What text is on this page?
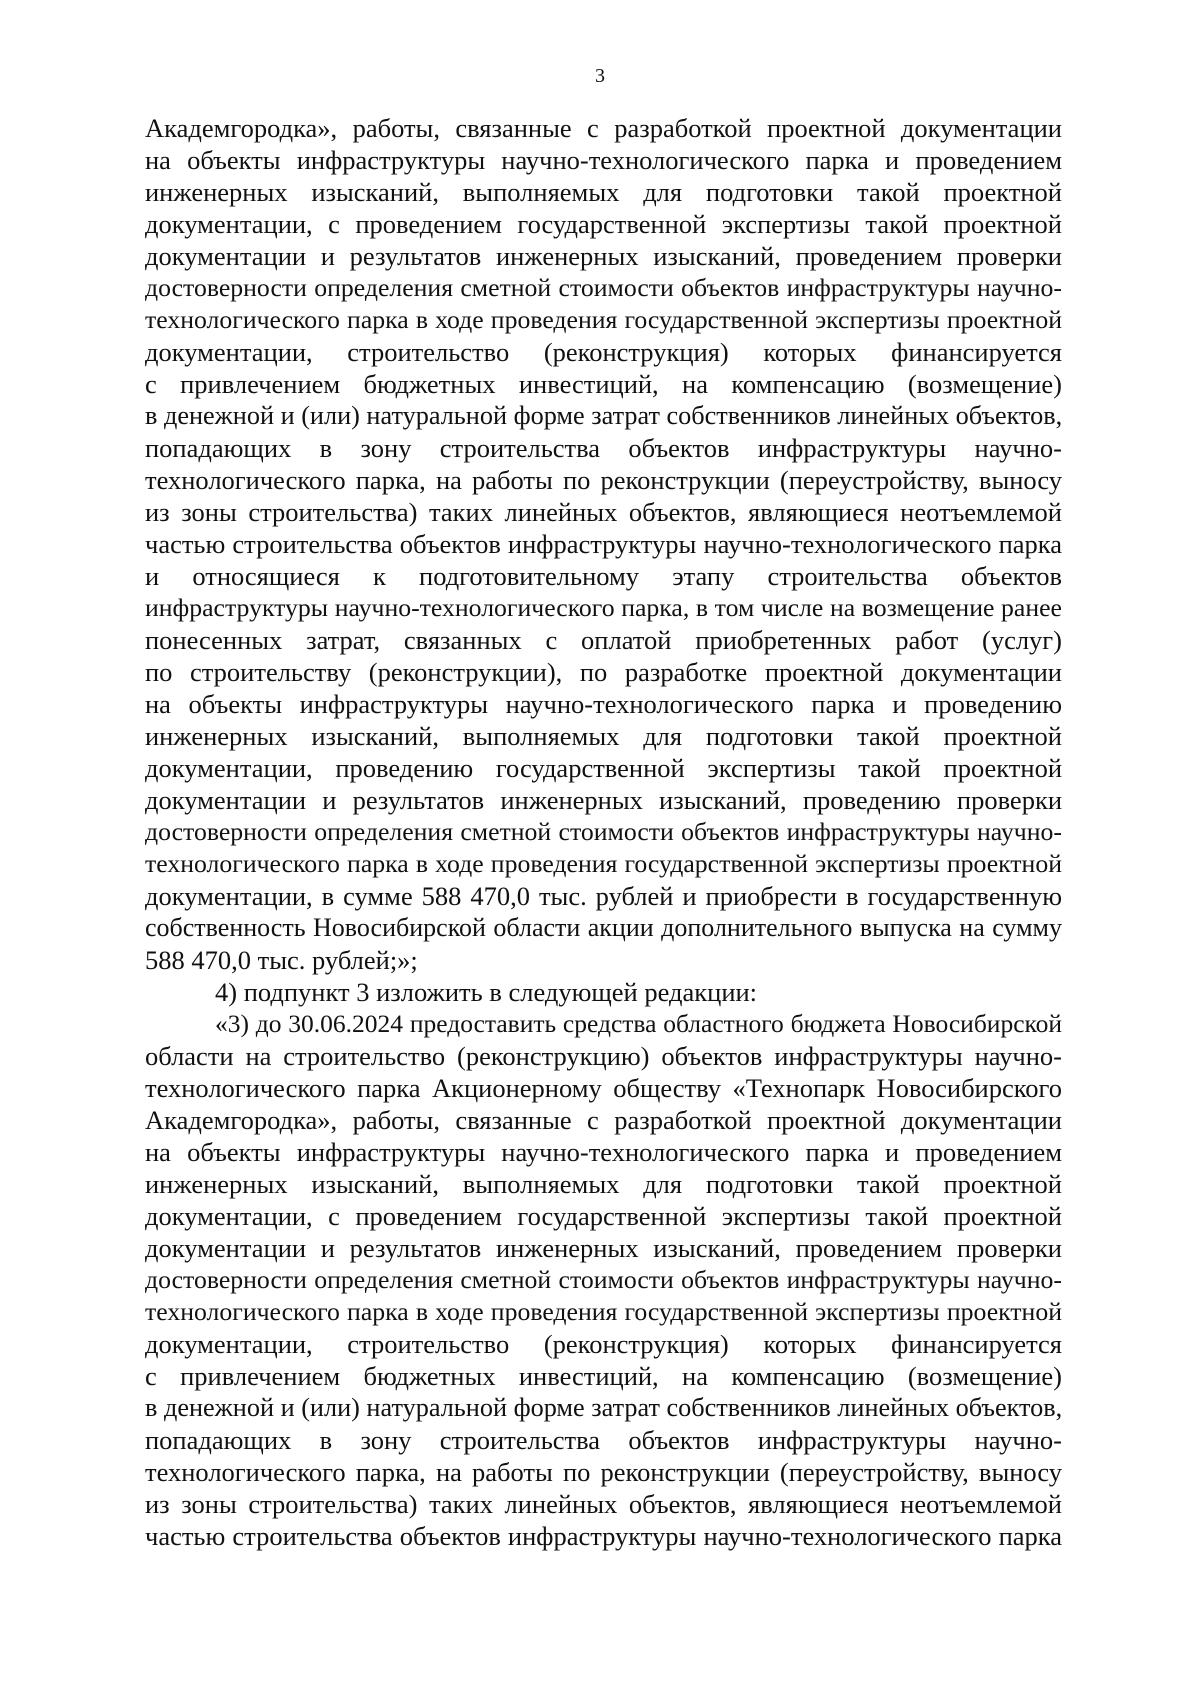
3
Академгородка», работы, связанные с разработкой проектной документации
на объекты инфраструктуры научно-технологического парка и проведением
инженерных изысканий, выполняемых для подготовки такой проектной
документации, с проведением государственной экспертизы такой проектной
документации и результатов инженерных изысканий, проведением проверки
достоверности определения сметной стоимости объектов инфраструктуры научно-
технологического парка в ходе проведения государственной экспертизы проектной
документации, строительство (реконструкция) которых финансируется
с привлечением бюджетных инвестиций, на компенсацию (возмещение)
в денежной и (или) натуральной форме затрат собственников линейных объектов,
попадающих в зону строительства объектов инфраструктуры научно-
технологического парка, на работы по реконструкции (переустройству, выносу
из зоны строительства) таких линейных объектов, являющиеся неотъемлемой
частью строительства объектов инфраструктуры научно-технологического парка
и относящиеся к подготовительному этапу строительства объектов
инфраструктуры научно-технологического парка, в том числе на возмещение ранее
понесенных затрат, связанных с оплатой приобретенных работ (услуг)
по строительству (реконструкции), по разработке проектной документации
на объекты инфраструктуры научно-технологического парка и проведению
инженерных изысканий, выполняемых для подготовки такой проектной
документации, проведению государственной экспертизы такой проектной
документации и результатов инженерных изысканий, проведению проверки
достоверности определения сметной стоимости объектов инфраструктуры научно-
технологического парка в ходе проведения государственной экспертизы проектной
документации, в сумме 588 470,0 тыс. рублей и приобрести в государственную
собственность Новосибирской области акции дополнительного выпуска на сумму
588 470,0 тыс. рублей;»;
4) подпункт 3 изложить в следующей редакции:
«3) до 30.06.2024 предоставить средства областного бюджета Новосибирской
области на строительство (реконструкцию) объектов инфраструктуры научно-
технологического парка Акционерному обществу «Технопарк Новосибирского
Академгородка», работы, связанные с разработкой проектной документации
на объекты инфраструктуры научно-технологического парка и проведением
инженерных изысканий, выполняемых для подготовки такой проектной
документации, с проведением государственной экспертизы такой проектной
документации и результатов инженерных изысканий, проведением проверки
достоверности определения сметной стоимости объектов инфраструктуры научно-
технологического парка в ходе проведения государственной экспертизы проектной
документации, строительство (реконструкция) которых финансируется
с привлечением бюджетных инвестиций, на компенсацию (возмещение)
в денежной и (или) натуральной форме затрат собственников линейных объектов,
попадающих в зону строительства объектов инфраструктуры научно-
технологического парка, на работы по реконструкции (переустройству, выносу
из зоны строительства) таких линейных объектов, являющиеся неотъемлемой
частью строительства объектов инфраструктуры научно-технологического парка
